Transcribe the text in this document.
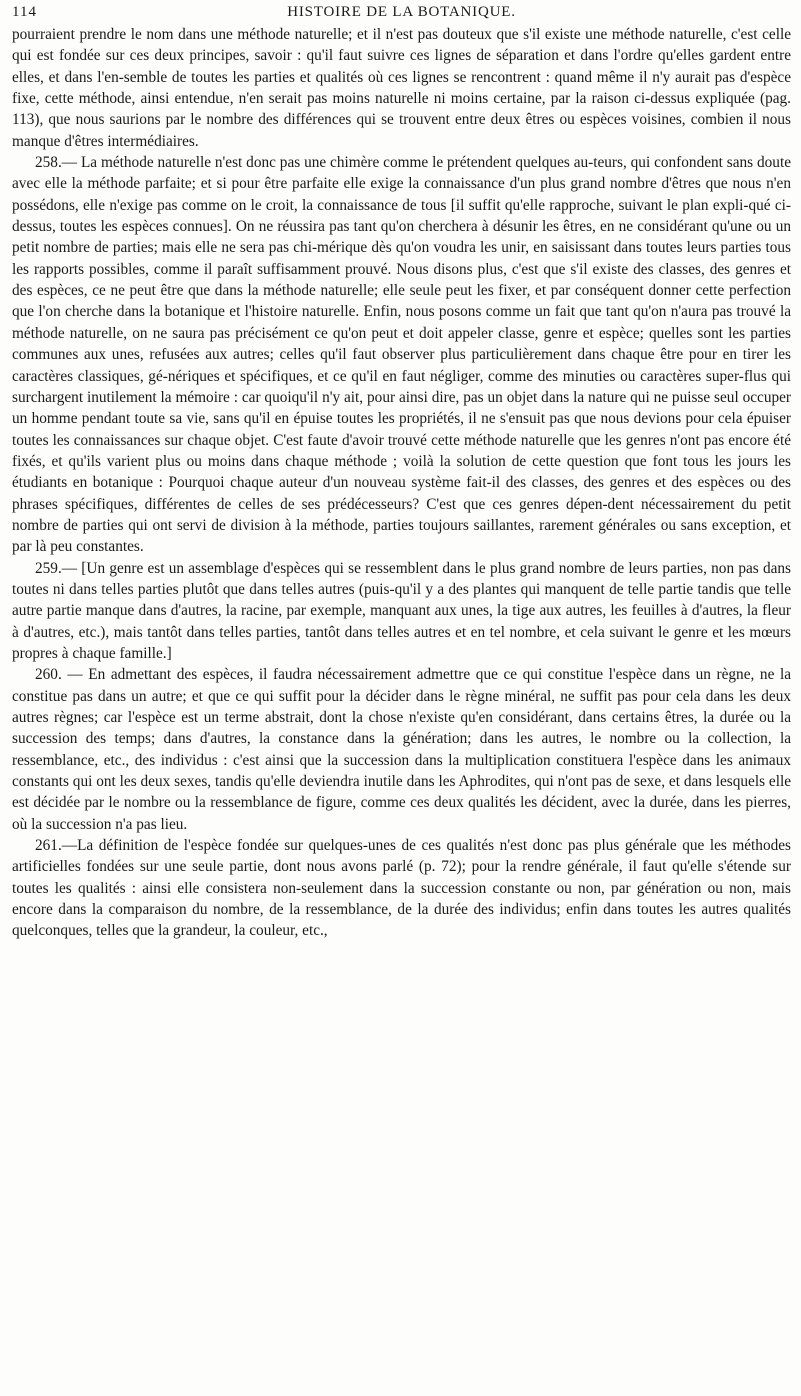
114	HISTOIRE DE LA BOTANIQUE.

pourraient prendre le nom dans une méthode naturelle; et il n'est pas douteux que s'il existe une méthode naturelle, c'est celle qui est fondée sur ces deux principes, savoir : qu'il faut suivre ces lignes de séparation et dans l'ordre qu'elles gardent entre elles, et dans l'en-semble de toutes les parties et qualités où ces lignes se rencontrent : quand même il n'y aurait pas d'espèce fixe, cette méthode, ainsi entendue, n'en serait pas moins naturelle ni moins certaine, par la raison ci-dessus expliquée (pag. 113), que nous saurions par le nombre des différences qui se trouvent entre deux êtres ou espèces voisines, combien il nous manque d'êtres intermédiaires.

258.— La méthode naturelle n'est donc pas une chimère comme le prétendent quelques au-teurs, qui confondent sans doute avec elle la méthode parfaite; et si pour être parfaite elle exige la connaissance d'un plus grand nombre d'êtres que nous n'en possédons, elle n'exige pas comme on le croit, la connaissance de tous [il suffit qu'elle rapproche, suivant le plan expli-qué ci-dessus, toutes les espèces connues]. On ne réussira pas tant qu'on cherchera à désunir les êtres, en ne considérant qu'une ou un petit nombre de parties; mais elle ne sera pas chi-mérique dès qu'on voudra les unir, en saisissant dans toutes leurs parties tous les rapports possibles, comme il paraît suffisamment prouvé. Nous disons plus, c'est que s'il existe des classes, des genres et des espèces, ce ne peut être que dans la méthode naturelle; elle seule peut les fixer, et par conséquent donner cette perfection que l'on cherche dans la botanique et l'histoire naturelle. Enfin, nous posons comme un fait que tant qu'on n'aura pas trouvé la méthode naturelle, on ne saura pas précisément ce qu'on peut et doit appeler classe, genre et espèce; quelles sont les parties communes aux unes, refusées aux autres; celles qu'il faut observer plus particulièrement dans chaque être pour en tirer les caractères classiques, gé-nériques et spécifiques, et ce qu'il en faut négliger, comme des minuties ou caractères super-flus qui surchargent inutilement la mémoire : car quoiqu'il n'y ait, pour ainsi dire, pas un objet dans la nature qui ne puisse seul occuper un homme pendant toute sa vie, sans qu'il en épuise toutes les propriétés, il ne s'ensuit pas que nous devions pour cela épuiser toutes les connaissances sur chaque objet. C'est faute d'avoir trouvé cette méthode naturelle que les genres n'ont pas encore été fixés, et qu'ils varient plus ou moins dans chaque méthode ; voilà la solution de cette question que font tous les jours les étudiants en botanique : Pourquoi chaque auteur d'un nouveau système fait-il des classes, des genres et des espèces ou des phrases spécifiques, différentes de celles de ses prédécesseurs? C'est que ces genres dépen-dent nécessairement du petit nombre de parties qui ont servi de division à la méthode, parties toujours saillantes, rarement générales ou sans exception, et par là peu constantes.

259.— [Un genre est un assemblage d'espèces qui se ressemblent dans le plus grand nombre de leurs parties, non pas dans toutes ni dans telles parties plutôt que dans telles autres (puis-qu'il y a des plantes qui manquent de telle partie tandis que telle autre partie manque dans d'autres, la racine, par exemple, manquant aux unes, la tige aux autres, les feuilles à d'autres, la fleur à d'autres, etc.), mais tantôt dans telles parties, tantôt dans telles autres et en tel nombre, et cela suivant le genre et les mœurs propres à chaque famille.]

260. — En admettant des espèces, il faudra nécessairement admettre que ce qui constitue l'espèce dans un règne, ne la constitue pas dans un autre; et que ce qui suffit pour la décider dans le règne minéral, ne suffit pas pour cela dans les deux autres règnes; car l'espèce est un terme abstrait, dont la chose n'existe qu'en considérant, dans certains êtres, la durée ou la succession des temps; dans d'autres, la constance dans la génération; dans les autres, le nombre ou la collection, la ressemblance, etc., des individus : c'est ainsi que la succession dans la multiplication constituera l'espèce dans les animaux constants qui ont les deux sexes, tandis qu'elle deviendra inutile dans les Aphrodites, qui n'ont pas de sexe, et dans lesquels elle est décidée par le nombre ou la ressemblance de figure, comme ces deux qualités les décident, avec la durée, dans les pierres, où la succession n'a pas lieu.

261.—La définition de l'espèce fondée sur quelques-unes de ces qualités n'est donc pas plus générale que les méthodes artificielles fondées sur une seule partie, dont nous avons parlé (p. 72); pour la rendre générale, il faut qu'elle s'étende sur toutes les qualités : ainsi elle consistera non-seulement dans la succession constante ou non, par génération ou non, mais encore dans la comparaison du nombre, de la ressemblance, de la durée des individus; enfin dans toutes les autres qualités quelconques, telles que la grandeur, la couleur, etc.,
